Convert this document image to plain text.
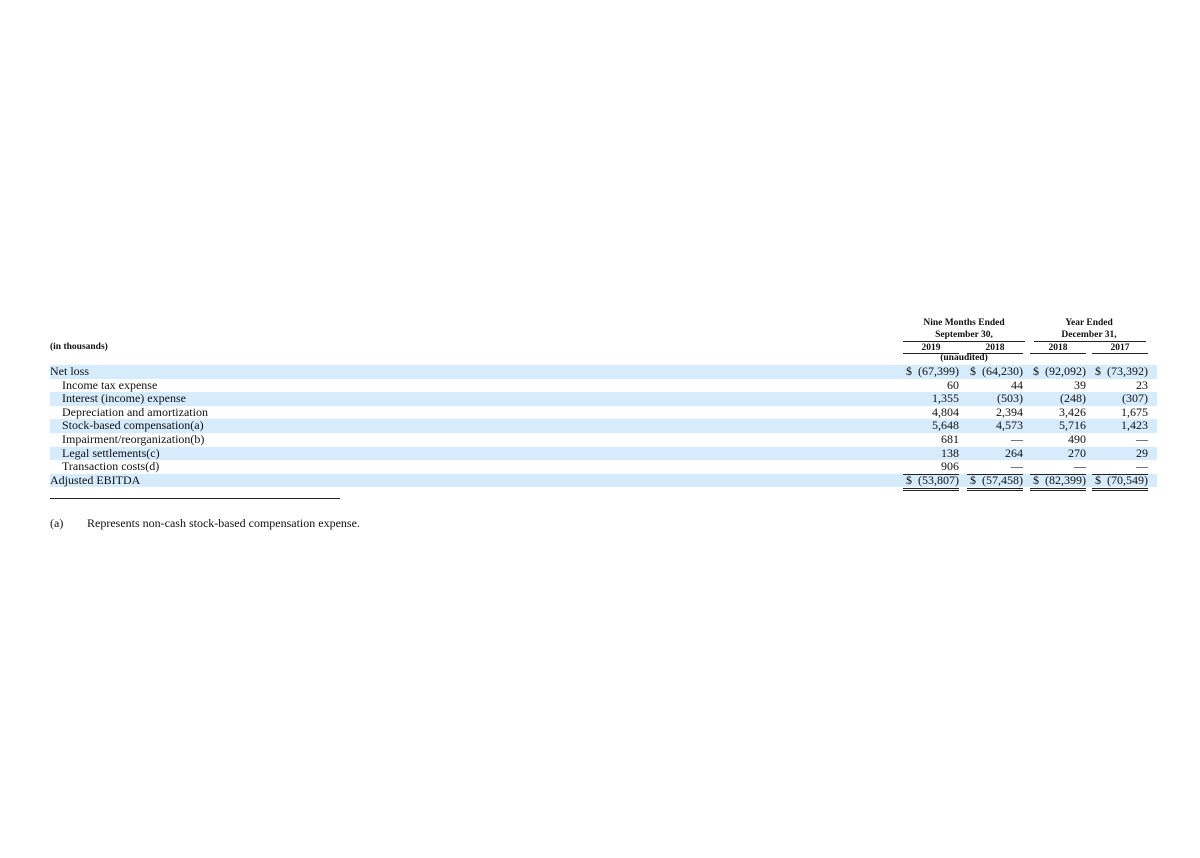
Nine Months Ended
September 30,
Year Ended
December 31,
(in thousands)	2019	2018	2018	2017
(unaudited)
Net loss	$ (67,399) $ (64,230) $ (92,092) $ (73,392)
Income tax expense	60	44	39	23
Interest (income) expense	1,355	(503)	(248)	(307)
Depreciation and amortization	4,804	2,394	3,426	1,675
Stock-based compensation(a)	5,648	4,573	5,716	1,423
Impairment/reorganization(b)	681	—	490	—
Legal settlements(c)	138	264	270	29
Transaction costs(d)	906	—	—	—
Adjusted EBITDA	$ (53,807) $ (57,458) $ (82,399) $ (70,549)
(a) Represents non-cash stock-based compensation expense.
